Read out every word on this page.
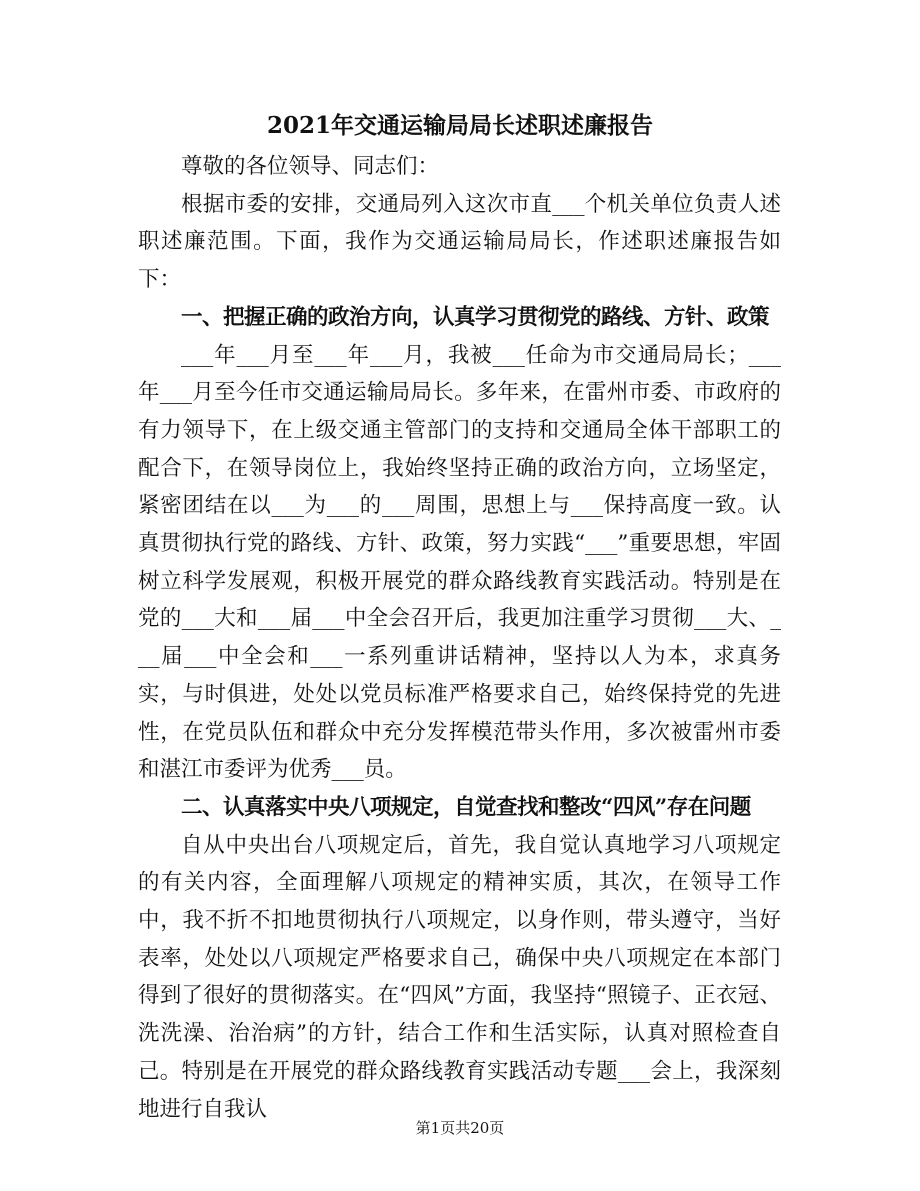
2021年交通运输局局长述职述廉报告

尊敬的各位领导、同志们：

根据市委的安排，交通局列入这次市直___个机关单位负责人述职述廉范围。下面，我作为交通运输局局长，作述职述廉报告如下：

一、把握正确的政治方向，认真学习贯彻党的路线、方针、政策

___年___月至___年___月，我被___任命为市交通局局长；___年___月至今任市交通运输局局长。多年来，在雷州市委、市政府的有力领导下，在上级交通主管部门的支持和交通局全体干部职工的配合下，在领导岗位上，我始终坚持正确的政治方向，立场坚定，紧密团结在以___为___的___周围，思想上与___保持高度一致。认真贯彻执行党的路线、方针、政策，努力实践“___”重要思想，牢固树立科学发展观，积极开展党的群众路线教育实践活动。特别是在党的___大和___届___中全会召开后，我更加注重学习贯彻___大、___届___中全会和___一系列重讲话精神，坚持以人为本，求真务实，与时俱进，处处以党员标准严格要求自己，始终保持党的先进性，在党员队伍和群众中充分发挥模范带头作用，多次被雷州市委和湛江市委评为优秀___员。

二、认真落实中央八项规定，自觉查找和整改“四风”存在问题

自从中央出台八项规定后，首先，我自觉认真地学习八项规定的有关内容，全面理解八项规定的精神实质，其次，在领导工作中，我不折不扣地贯彻执行八项规定，以身作则，带头遵守，当好表率，处处以八项规定严格要求自己，确保中央八项规定在本部门得到了很好的贯彻落实。在“四风”方面，我坚持“照镜子、正衣冠、洗洗澡、治治病”的方针，结合工作和生活实际，认真对照检查自己。特别是在开展党的群众路线教育实践活动专题___会上，我深刻地进行自我认

第1页共20页
